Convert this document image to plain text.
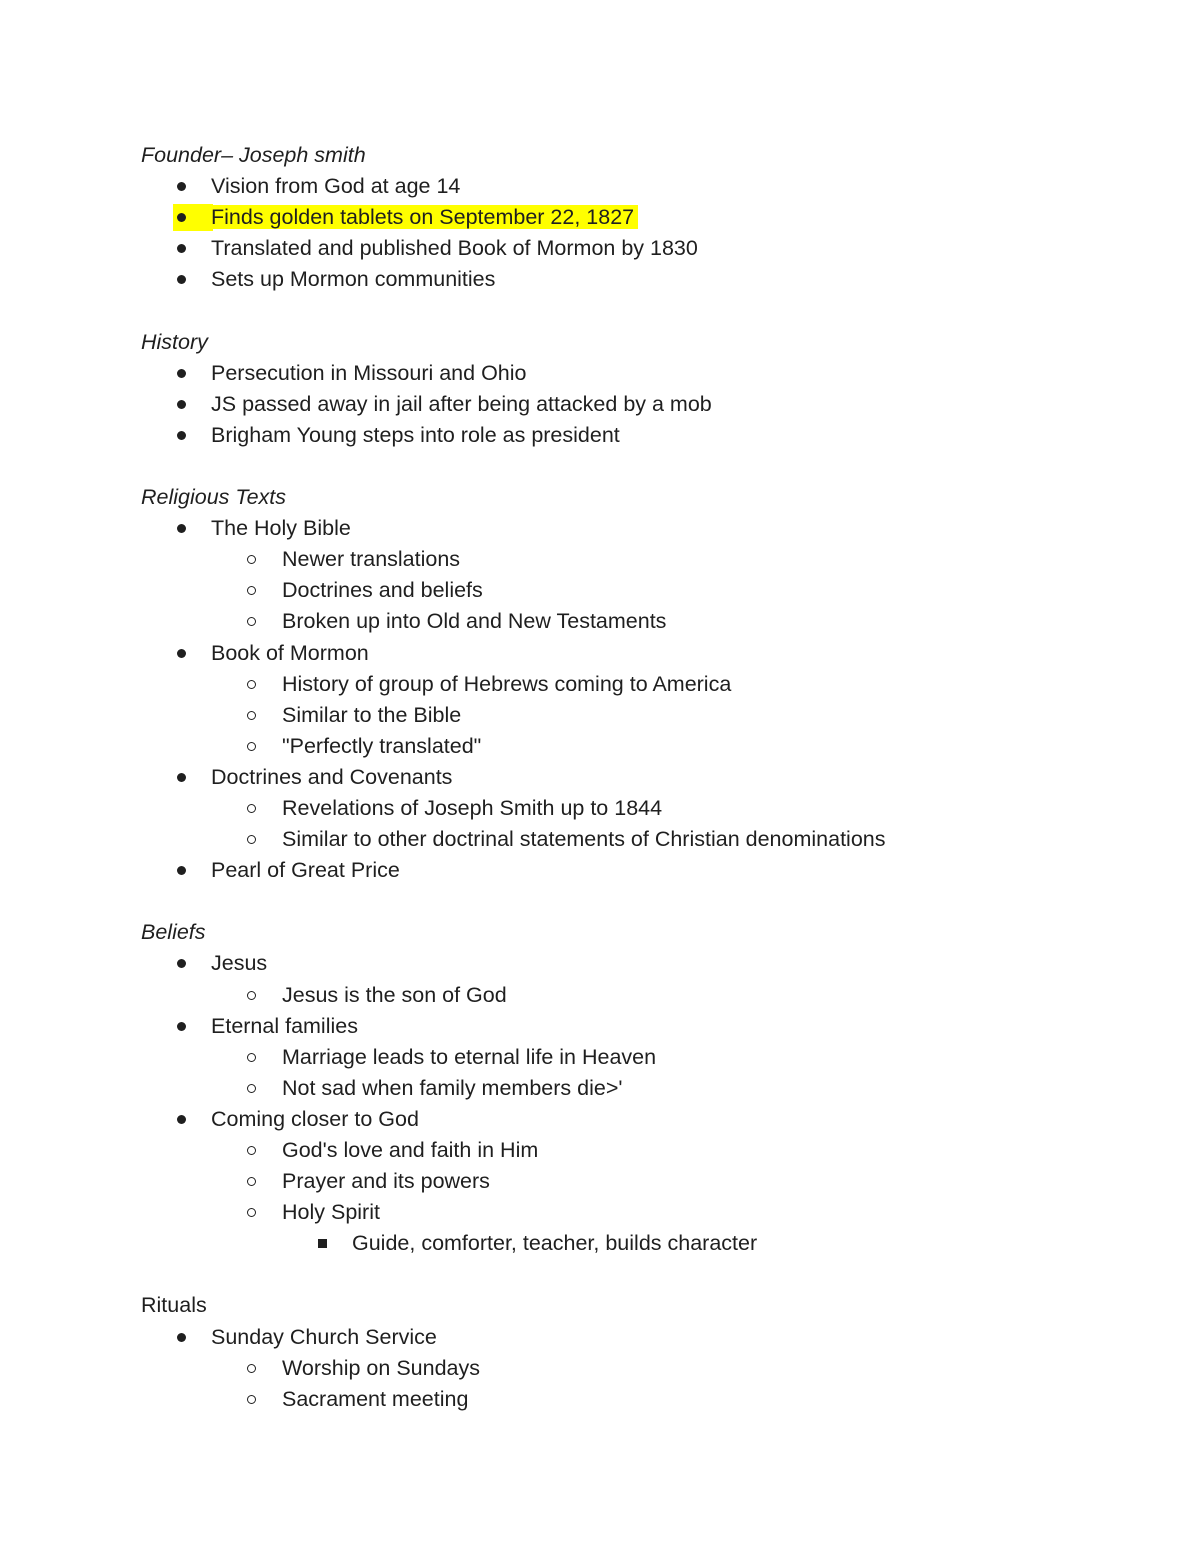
Founder– Joseph smith
Vision from God at age 14
Finds golden tablets on September 22, 1827
Translated and published Book of Mormon by 1830
Sets up Mormon communities
History
Persecution in Missouri and Ohio
JS passed away in jail after being attacked by a mob
Brigham Young steps into role as president
Religious Texts
The Holy Bible
Newer translations
Doctrines and beliefs
Broken up into Old and New Testaments
Book of Mormon
History of group of Hebrews coming to America
Similar to the Bible
"Perfectly translated"
Doctrines and Covenants
Revelations of Joseph Smith up to 1844
Similar to other doctrinal statements of Christian denominations
Pearl of Great Price
Beliefs
Jesus
Jesus is the son of God
Eternal families
Marriage leads to eternal life in Heaven
Not sad when family members die>'
Coming closer to God
God's love and faith in Him
Prayer and its powers
Holy Spirit
Guide, comforter, teacher, builds character
Rituals
Sunday Church Service
Worship on Sundays
Sacrament meeting
